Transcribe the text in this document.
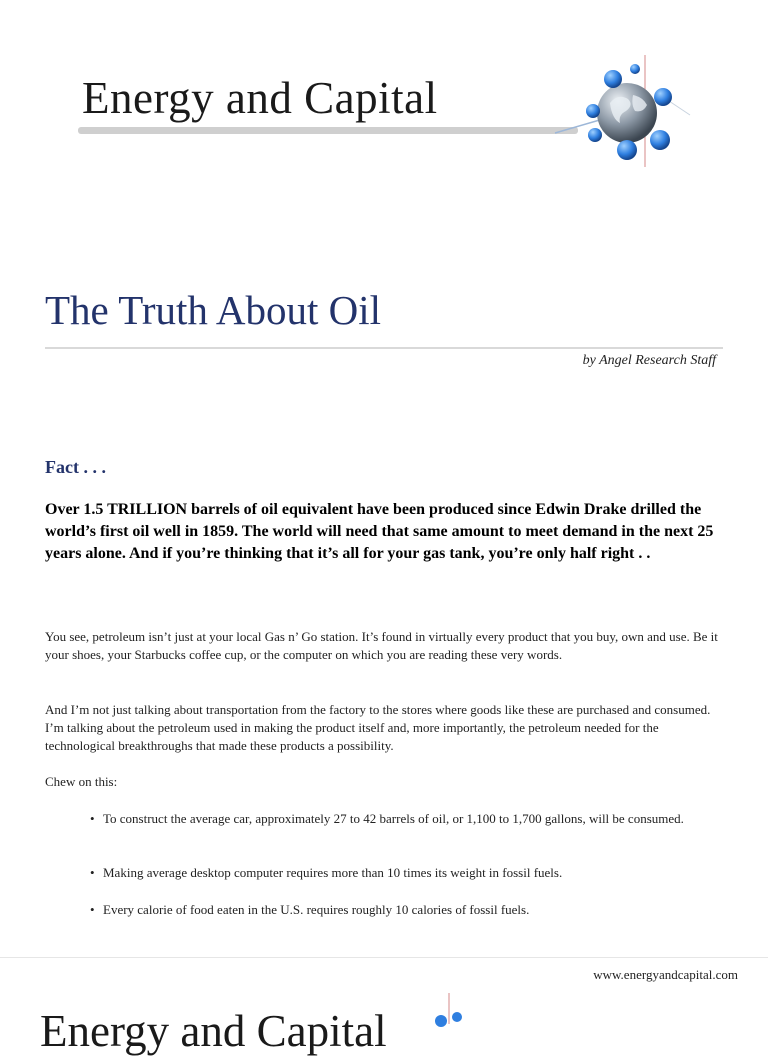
Energy and Capital
The Truth About Oil
by Angel Research Staff
Fact . . .
Over 1.5 TRILLION barrels of oil equivalent have been produced since Edwin Drake drilled the world’s first oil well in 1859. The world will need that same amount to meet demand in the next 25 years alone. And if you’re thinking that it’s all for your gas tank, you’re only half right . .
You see, petroleum isn’t just at your local Gas n’ Go station. It’s found in virtually every product that you buy, own and use. Be it your shoes, your Starbucks coffee cup, or the computer on which you are reading these very words.
And I’m not just talking about transportation from the factory to the stores where goods like these are purchased and consumed. I’m talking about the petroleum used in making the product itself and, more importantly, the petroleum needed for the technological breakthroughs that made these products a possibility.
Chew on this:
• To construct the average car, approximately 27 to 42 barrels of oil, or 1,100 to 1,700 gallons, will be consumed.
• Making average desktop computer requires more than 10 times its weight in fossil fuels.
• Every calorie of food eaten in the U.S. requires roughly 10 calories of fossil fuels.
www.energyandcapital.com
Energy and Capital
